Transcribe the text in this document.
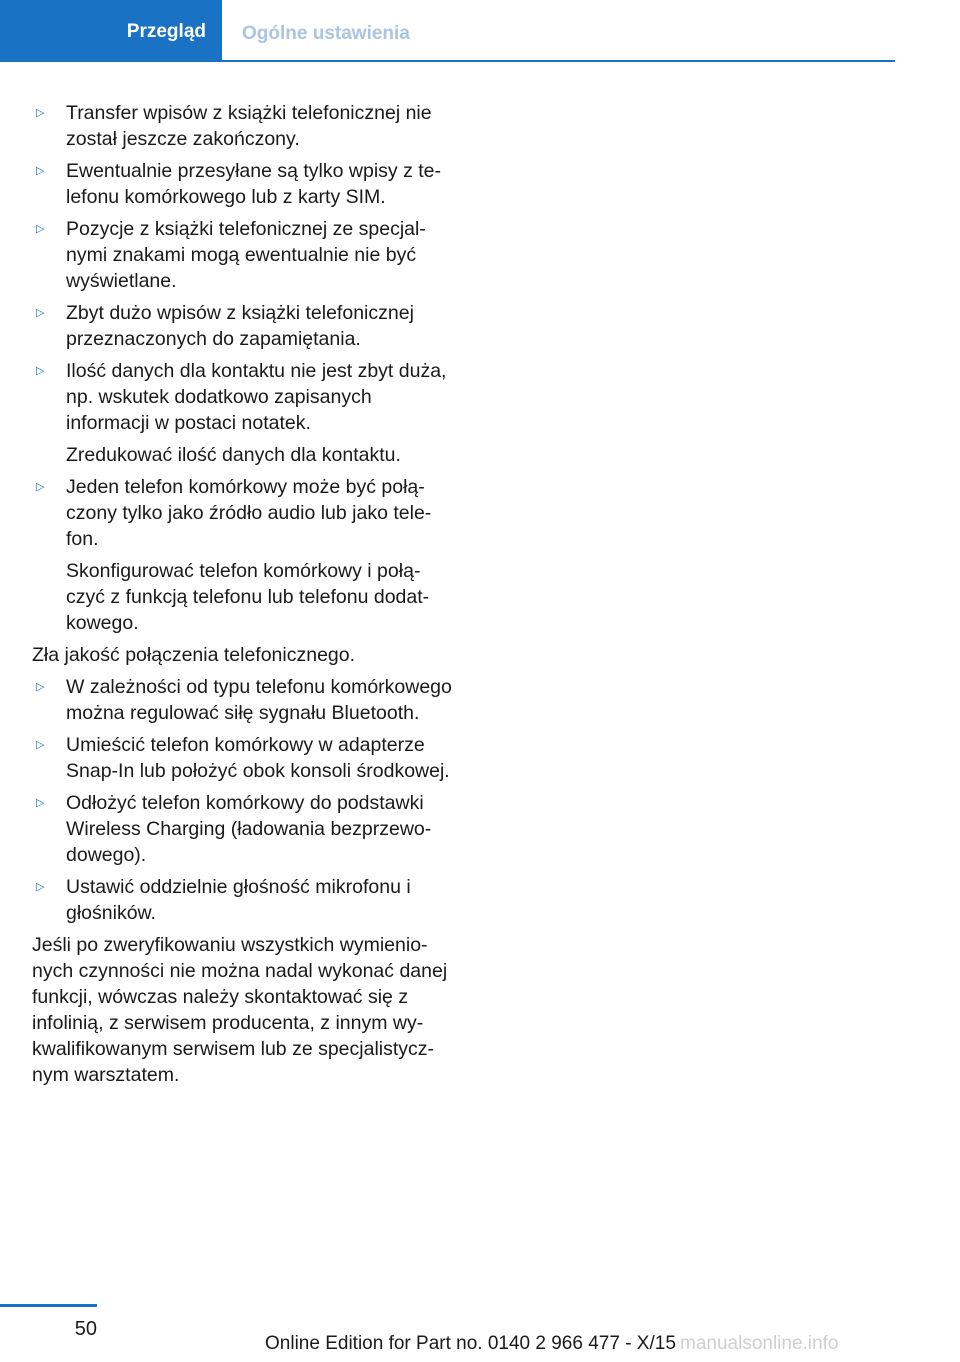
Przegląd	Ogólne ustawienia
▷ Transfer wpisów z książki telefonicznej nie został jeszcze zakończony.
▷ Ewentualnie przesyłane są tylko wpisy z telefonu komórkowego lub z karty SIM.
▷ Pozycje z książki telefonicznej ze specjalnymi znakami mogą ewentualnie nie być wyświetlane.
▷ Zbyt dużo wpisów z książki telefonicznej przeznaczonych do zapamiętania.
▷ Ilość danych dla kontaktu nie jest zbyt duża, np. wskutek dodatkowo zapisanych informacji w postaci notatek.
Zredukować ilość danych dla kontaktu.
▷ Jeden telefon komórkowy może być połączony tylko jako źródło audio lub jako telefon.
Skonfigurować telefon komórkowy i połączyć z funkcją telefonu lub telefonu dodatkowego.
Zła jakość połączenia telefonicznego.
▷ W zależności od typu telefonu komórkowego można regulować siłę sygnału Bluetooth.
▷ Umieścić telefon komórkowy w adapterze Snap-In lub położyć obok konsoli środkowej.
▷ Odłożyć telefon komórkowy do podstawki Wireless Charging (ładowania bezprzewodowego).
▷ Ustawić oddzielnie głośność mikrofonu i głośników.
Jeśli po zweryfikowaniu wszystkich wymienionych czynności nie można nadal wykonać danej funkcji, wówczas należy skontaktować się z infolinią, z serwisem producenta, z innym wykwalifikowanym serwisem lub ze specjalistycznym warsztatem.
50
Online Edition for Part no. 0140 2 966 477 - X/15 manualsonline.info
